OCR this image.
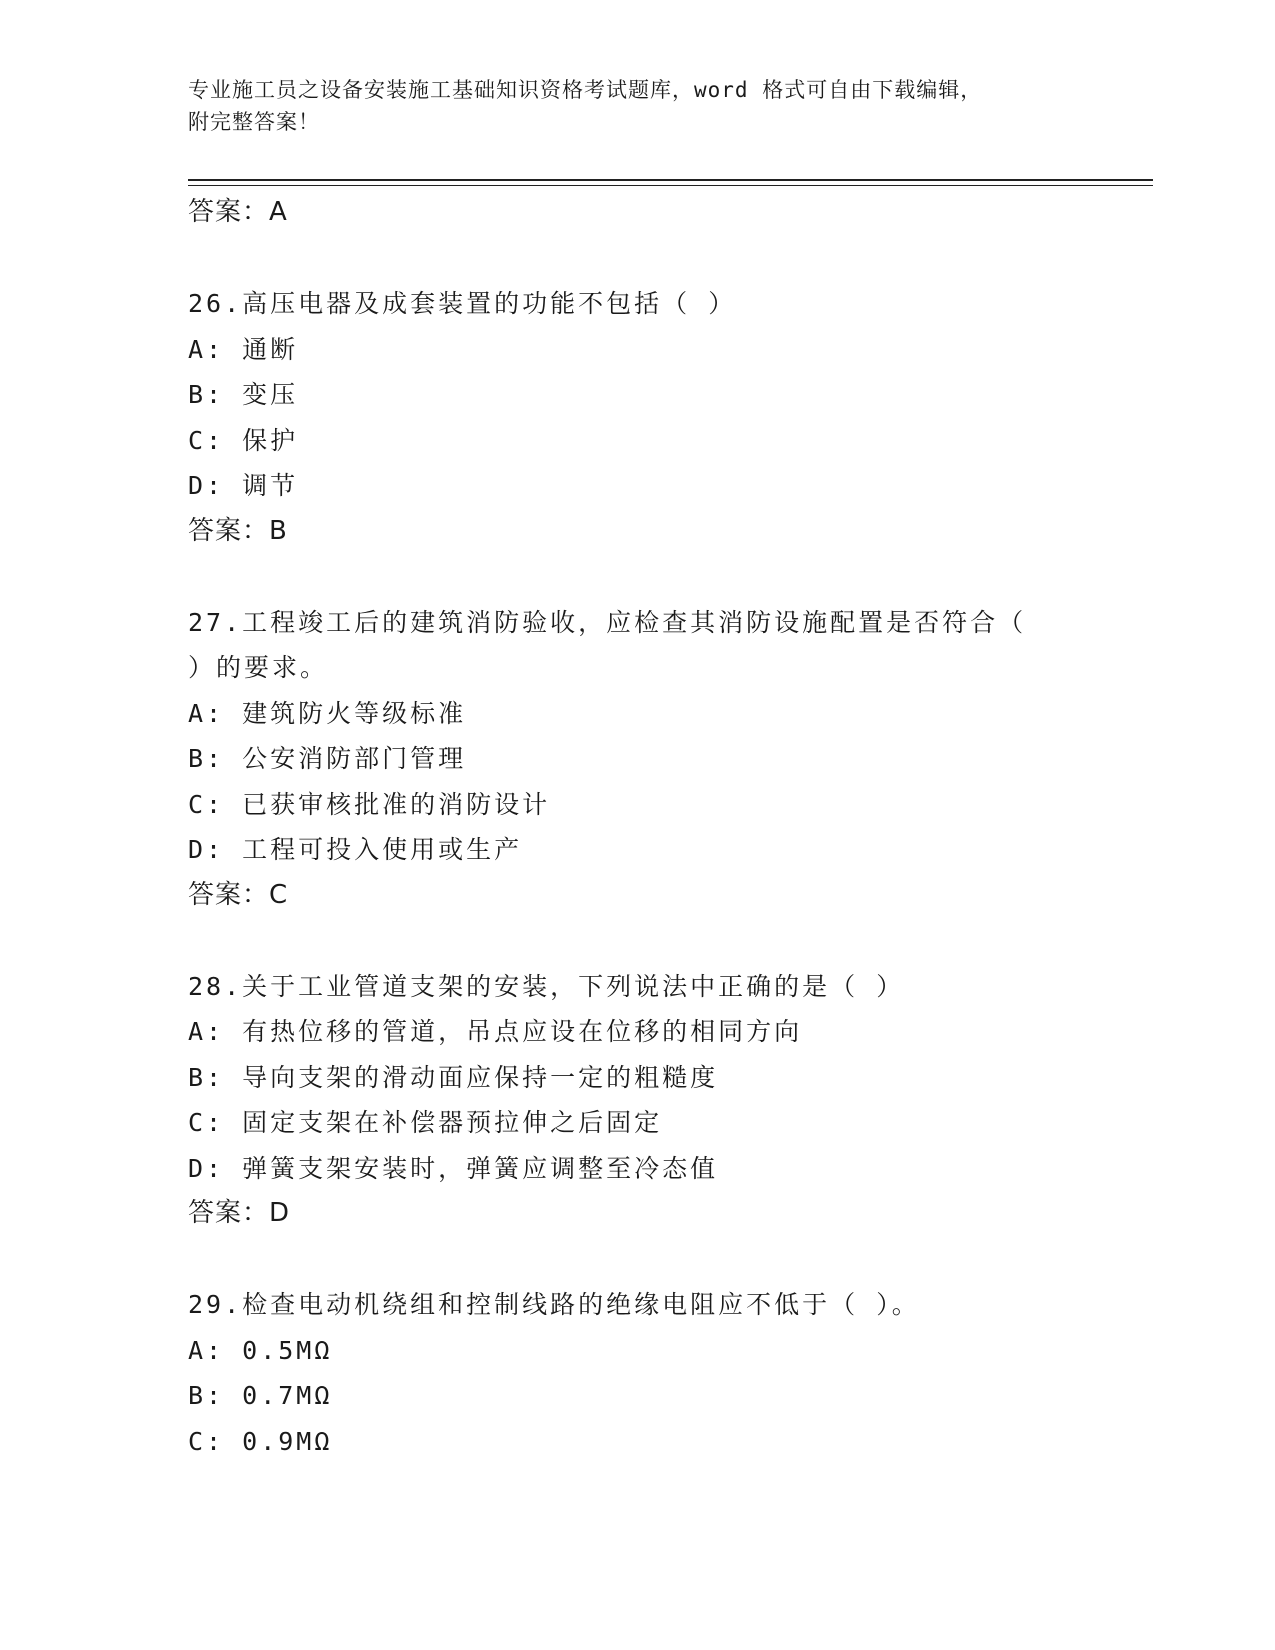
专业施工员之设备安装施工基础知识资格考试题库，word 格式可自由下载编辑，
附完整答案！
答案：A
26.高压电器及成套装置的功能不包括（ ）
A: 通断
B: 变压
C: 保护
D: 调节
答案：B
27.工程竣工后的建筑消防验收，应检查其消防设施配置是否符合（
）的要求。
A: 建筑防火等级标准
B: 公安消防部门管理
C: 已获审核批准的消防设计
D: 工程可投入使用或生产
答案：C
28.关于工业管道支架的安装，下列说法中正确的是（ ）
A: 有热位移的管道，吊点应设在位移的相同方向
B: 导向支架的滑动面应保持一定的粗糙度
C: 固定支架在补偿器预拉伸之后固定
D: 弹簧支架安装时，弹簧应调整至冷态值
答案：D
29.检查电动机绕组和控制线路的绝缘电阻应不低于（ ）。
A: 0.5MΩ
B: 0.7MΩ
C: 0.9MΩ
